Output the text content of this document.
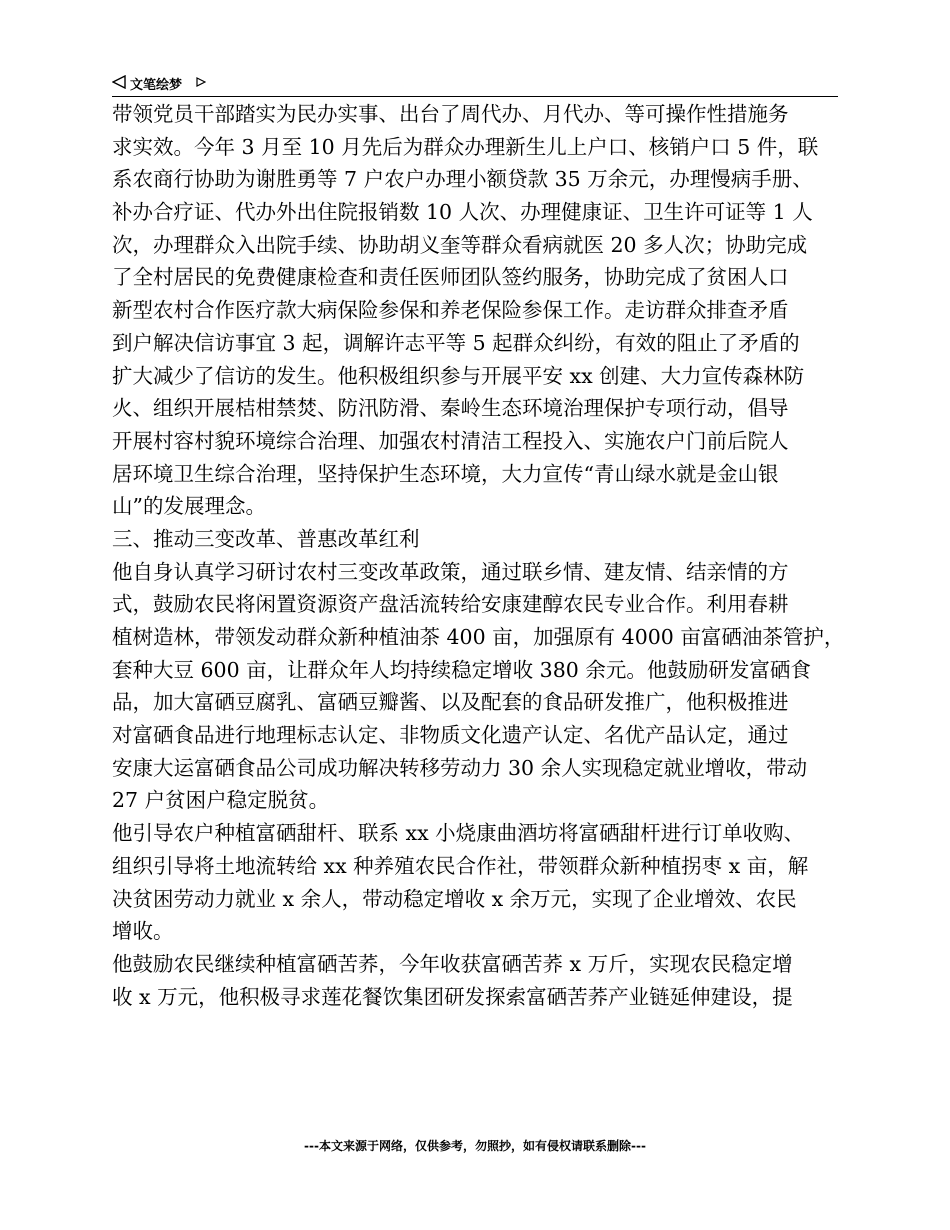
文笔绘梦
带领党员干部踏实为民办实事、出台了周代办、月代办、等可操作性措施务
求实效。今年 3 月至 10 月先后为群众办理新生儿上户口、核销户口 5 件，联
系农商行协助为谢胜勇等 7 户农户办理小额贷款 35 万余元，办理慢病手册、
补办合疗证、代办外出住院报销数 10 人次、办理健康证、卫生许可证等 1 人
次，办理群众入出院手续、协助胡义奎等群众看病就医 20 多人次；协助完成
了全村居民的免费健康检查和责任医师团队签约服务，协助完成了贫困人口
新型农村合作医疗款大病保险参保和养老保险参保工作。走访群众排查矛盾
到户解决信访事宜 3 起，调解许志平等 5 起群众纠纷，有效的阻止了矛盾的
扩大减少了信访的发生。他积极组织参与开展平安 xx 创建、大力宣传森林防
火、组织开展桔柑禁焚、防汛防滑、秦岭生态环境治理保护专项行动，倡导
开展村容村貌环境综合治理、加强农村清洁工程投入、实施农户门前后院人
居环境卫生综合治理，坚持保护生态环境，大力宣传“青山绿水就是金山银
山”的发展理念。
三、推动三变改革、普惠改革红利
他自身认真学习研讨农村三变改革政策，通过联乡情、建友情、结亲情的方
式，鼓励农民将闲置资源资产盘活流转给安康建醇农民专业合作。利用春耕
植树造林，带领发动群众新种植油茶 400 亩，加强原有 4000 亩富硒油茶管护，
套种大豆 600 亩，让群众年人均持续稳定增收 380 余元。他鼓励研发富硒食
品，加大富硒豆腐乳、富硒豆瓣酱、以及配套的食品研发推广，他积极推进
对富硒食品进行地理标志认定、非物质文化遗产认定、名优产品认定，通过
安康大运富硒食品公司成功解决转移劳动力 30 余人实现稳定就业增收，带动
27 户贫困户稳定脱贫。
他引导农户种植富硒甜杆、联系 xx 小烧康曲酒坊将富硒甜杆进行订单收购、
组织引导将土地流转给 xx 种养殖农民合作社，带领群众新种植拐枣 x 亩，解
决贫困劳动力就业 x 余人，带动稳定增收 x 余万元，实现了企业增效、农民
增收。
他鼓励农民继续种植富硒苦荞，今年收获富硒苦荞 x 万斤，实现农民稳定增
收 x 万元，他积极寻求莲花餐饮集团研发探索富硒苦荞产业链延伸建设，提
---本文来源于网络，仅供参考，勿照抄，如有侵权请联系删除---
